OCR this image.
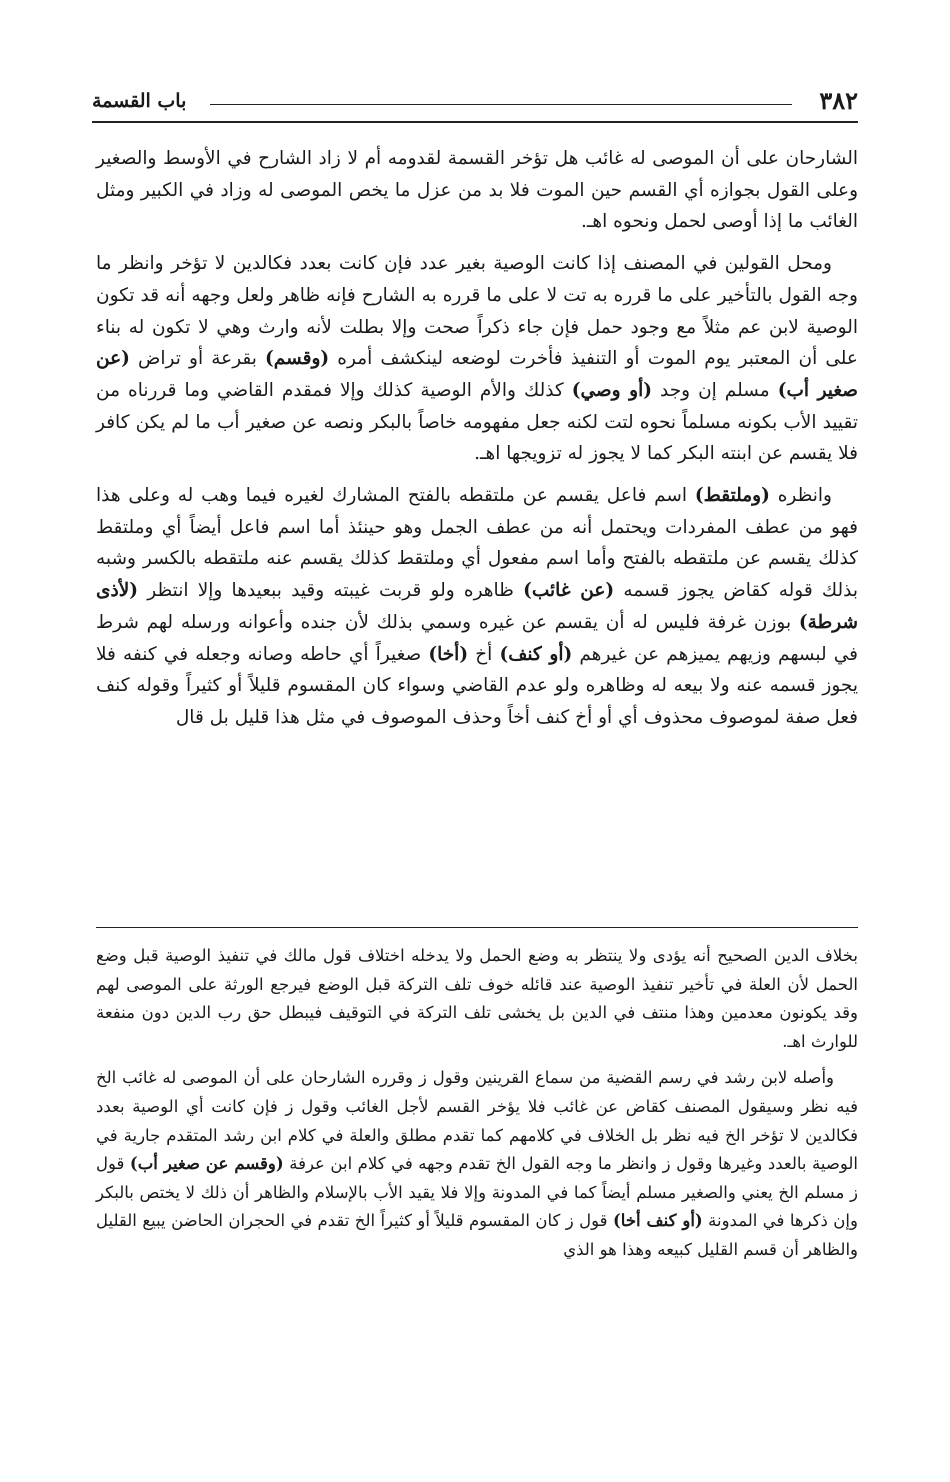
٣٨٢
باب القسمة

الشارحان على أن الموصى له غائب هل تؤخر القسمة لقدومه أم لا زاد الشارح في الأوسط والصغير وعلى القول بجوازه أي القسم حين الموت فلا بد من عزل ما يخص الموصى له وزاد في الكبير ومثل الغائب ما إذا أوصى لحمل ونحوه اهـ.

ومحل القولين في المصنف إذا كانت الوصية بغير عدد فإن كانت بعدد فكالدين لا تؤخر وانظر ما وجه القول بالتأخير على ما قرره به تت لا على ما قرره به الشارح فإنه ظاهر ولعل وجهه أنه قد تكون الوصية لابن عم مثلاً مع وجود حمل فإن جاء ذكراً صحت وإلا بطلت لأنه وارث وهي لا تكون له بناء على أن المعتبر يوم الموت أو التنفيذ فأخرت لوضعه لينكشف أمره (وقسم) بقرعة أو تراض (عن صغير أب) مسلم إن وجد (أو وصي) كذلك والأم الوصية كذلك وإلا فمقدم القاضي وما قررناه من تقييد الأب بكونه مسلماً نحوه لتت لكنه جعل مفهومه خاصاً بالبكر ونصه عن صغير أب ما لم يكن كافر فلا يقسم عن ابنته البكر كما لا يجوز له تزويجها اهـ.

وانظره (وملتقط) اسم فاعل يقسم عن ملتقطه بالفتح المشارك لغيره فيما وهب له وعلى هذا فهو من عطف المفردات ويحتمل أنه من عطف الجمل وهو حينئذ أما اسم فاعل أيضاً أي وملتقط كذلك يقسم عن ملتقطه بالفتح وأما اسم مفعول أي وملتقط كذلك يقسم عنه ملتقطه بالكسر وشبه بذلك قوله كقاض يجوز قسمه (عن غائب) ظاهره ولو قربت غيبته وقيد ببعيدها وإلا انتظر (لأذى شرطة) بوزن غرفة فليس له أن يقسم عن غيره وسمي بذلك لأن جنده وأعوانه ورسله لهم شرط في لبسهم وزيهم يميزهم عن غيرهم (أو كنف) أخ (أخا) صغيراً أي حاطه وصانه وجعله في كنفه فلا يجوز قسمه عنه ولا بيعه له وظاهره ولو عدم القاضي وسواء كان المقسوم قليلاً أو كثيراً وقوله كنف فعل صفة لموصوف محذوف أي أو أخ كنف أخاً وحذف الموصوف في مثل هذا قليل بل قال

بخلاف الدين الصحيح أنه يؤدى ولا ينتظر به وضع الحمل ولا يدخله اختلاف قول مالك في تنفيذ الوصية قبل وضع الحمل لأن العلة في تأخير تنفيذ الوصية عند قائله خوف تلف التركة قبل الوضع فيرجع الورثة على الموصى لهم وقد يكونون معدمين وهذا منتف في الدين بل يخشى تلف التركة في التوقيف فيبطل حق رب الدين دون منفعة للوارث اهـ.

وأصله لابن رشد في رسم القضية من سماع القرينين وقول ز وقرره الشارحان على أن الموصى له غائب الخ فيه نظر وسيقول المصنف كقاض عن غائب فلا يؤخر القسم لأجل الغائب وقول ز فإن كانت أي الوصية بعدد فكالدين لا تؤخر الخ فيه نظر بل الخلاف في كلامهم كما تقدم مطلق والعلة في كلام ابن رشد المتقدم جارية في الوصية بالعدد وغيرها وقول ز وانظر ما وجه القول الخ تقدم وجهه في كلام ابن عرفة (وقسم عن صغير أب) قول ز مسلم الخ يعني والصغير مسلم أيضاً كما في المدونة وإلا فلا يقيد الأب بالإسلام والظاهر أن ذلك لا يختص بالبكر وإن ذكرها في المدونة (أو كنف أخا) قول ز كان المقسوم قليلاً أو كثيراً الخ تقدم في الحجران الحاضن يبيع القليل والظاهر أن قسم القليل كبيعه وهذا هو الذي
